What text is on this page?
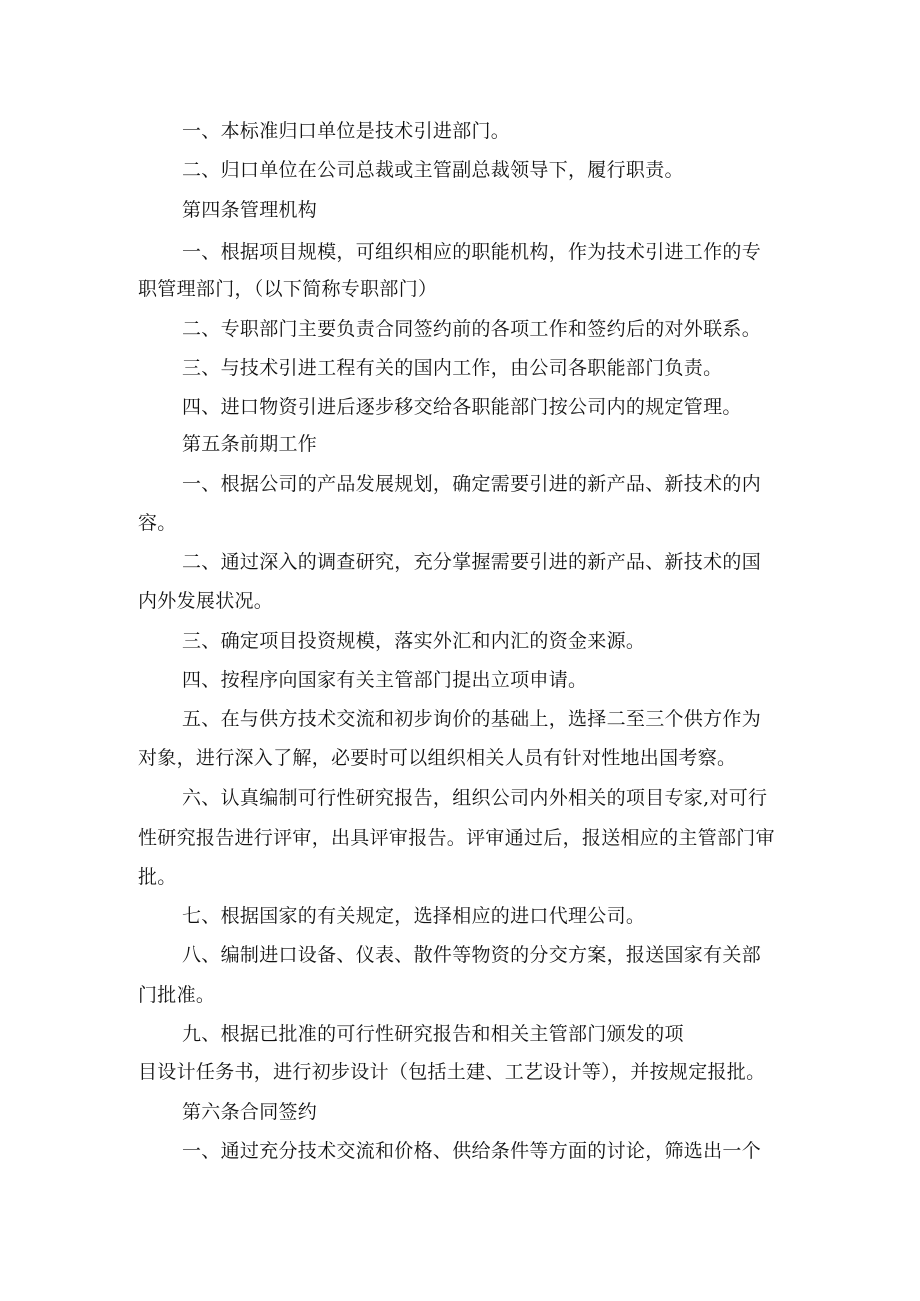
一、本标准归口单位是技术引进部门。
二、归口单位在公司总裁或主管副总裁领导下，履行职责。
第四条管理机构
一、根据项目规模，可组织相应的职能机构，作为技术引进工作的专
职管理部门，（以下简称专职部门）
二、专职部门主要负责合同签约前的各项工作和签约后的对外联系。
三、与技术引进工程有关的国内工作，由公司各职能部门负责。
四、进口物资引进后逐步移交给各职能部门按公司内的规定管理。
第五条前期工作
一、根据公司的产品发展规划，确定需要引进的新产品、新技术的内
容。
二、通过深入的调查研究，充分掌握需要引进的新产品、新技术的国
内外发展状况。
三、确定项目投资规模，落实外汇和内汇的资金来源。
四、按程序向国家有关主管部门提出立项申请。
五、在与供方技术交流和初步询价的基础上，选择二至三个供方作为
对象，进行深入了解，必要时可以组织相关人员有针对性地出国考察。
六、认真编制可行性研究报告，组织公司内外相关的项目专家,对可行
性研究报告进行评审，出具评审报告。评审通过后，报送相应的主管部门审
批。
七、根据国家的有关规定，选择相应的进口代理公司。
八、编制进口设备、仪表、散件等物资的分交方案，报送国家有关部
门批准。
九、根据已批准的可行性研究报告和相关主管部门颁发的项
目设计任务书，进行初步设计（包括土建、工艺设计等），并按规定报批。
第六条合同签约
一、通过充分技术交流和价格、供给条件等方面的讨论，筛选出一个
